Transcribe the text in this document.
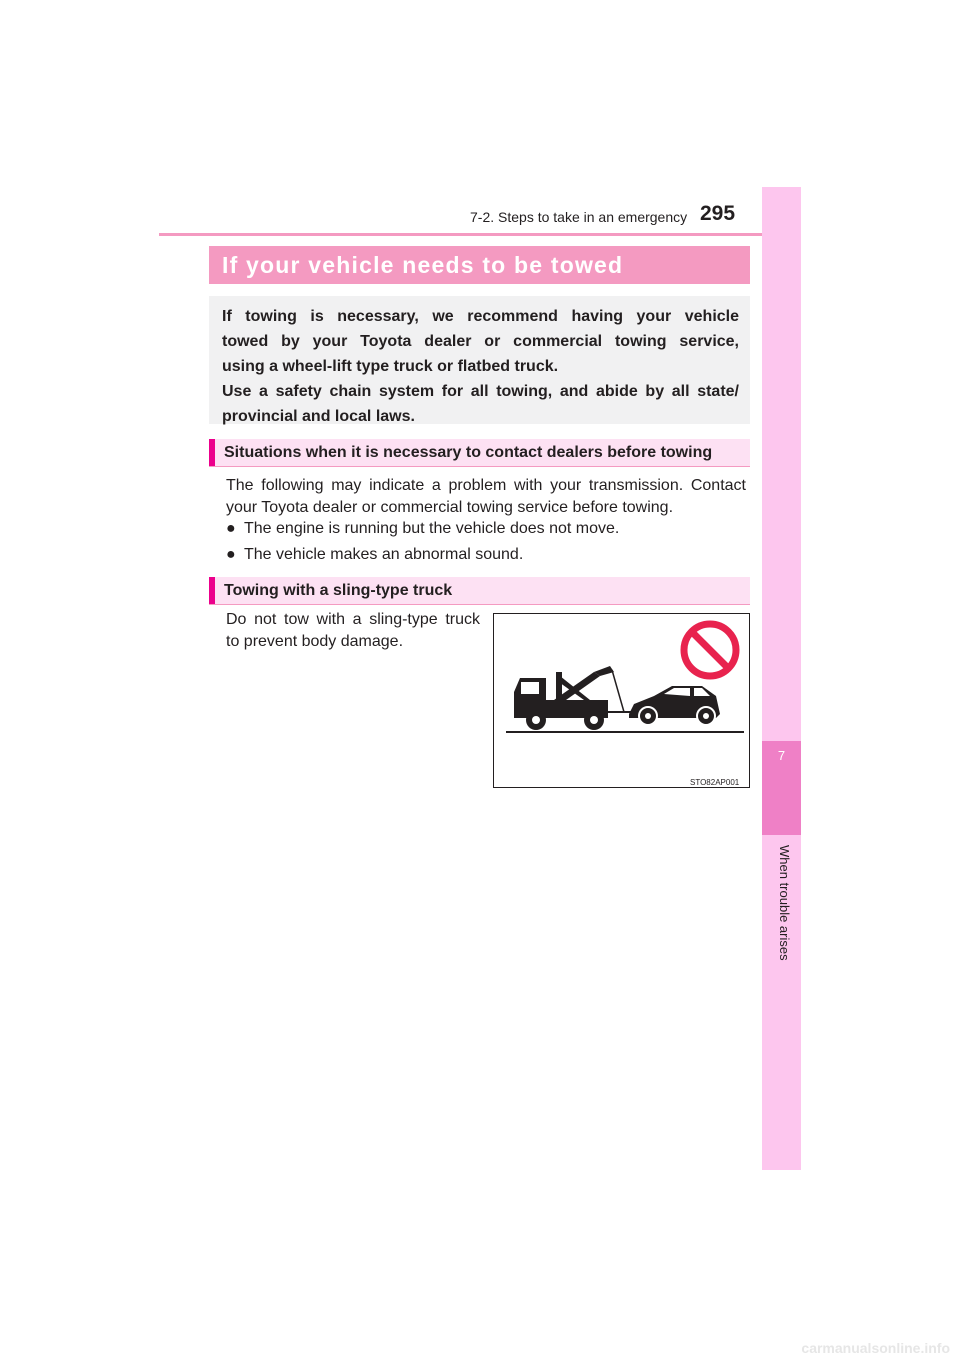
7-2. Steps to take in an emergency 295
7
When trouble arises
If your vehicle needs to be towed
If towing is necessary, we recommend having your vehicle
towed by your Toyota dealer or commercial towing service,
using a wheel-lift type truck or flatbed truck.
Use a safety chain system for all towing, and abide by all state/
provincial and local laws.
Situations when it is necessary to contact dealers before towing
The following may indicate a problem with your transmission. Contact
your Toyota dealer or commercial towing service before towing.
● The engine is running but the vehicle does not move.
● The vehicle makes an abnormal sound.
Towing with a sling-type truck
Do not tow with a sling-type truck
to prevent body damage.
STO82AP001
carmanualsonline.info
